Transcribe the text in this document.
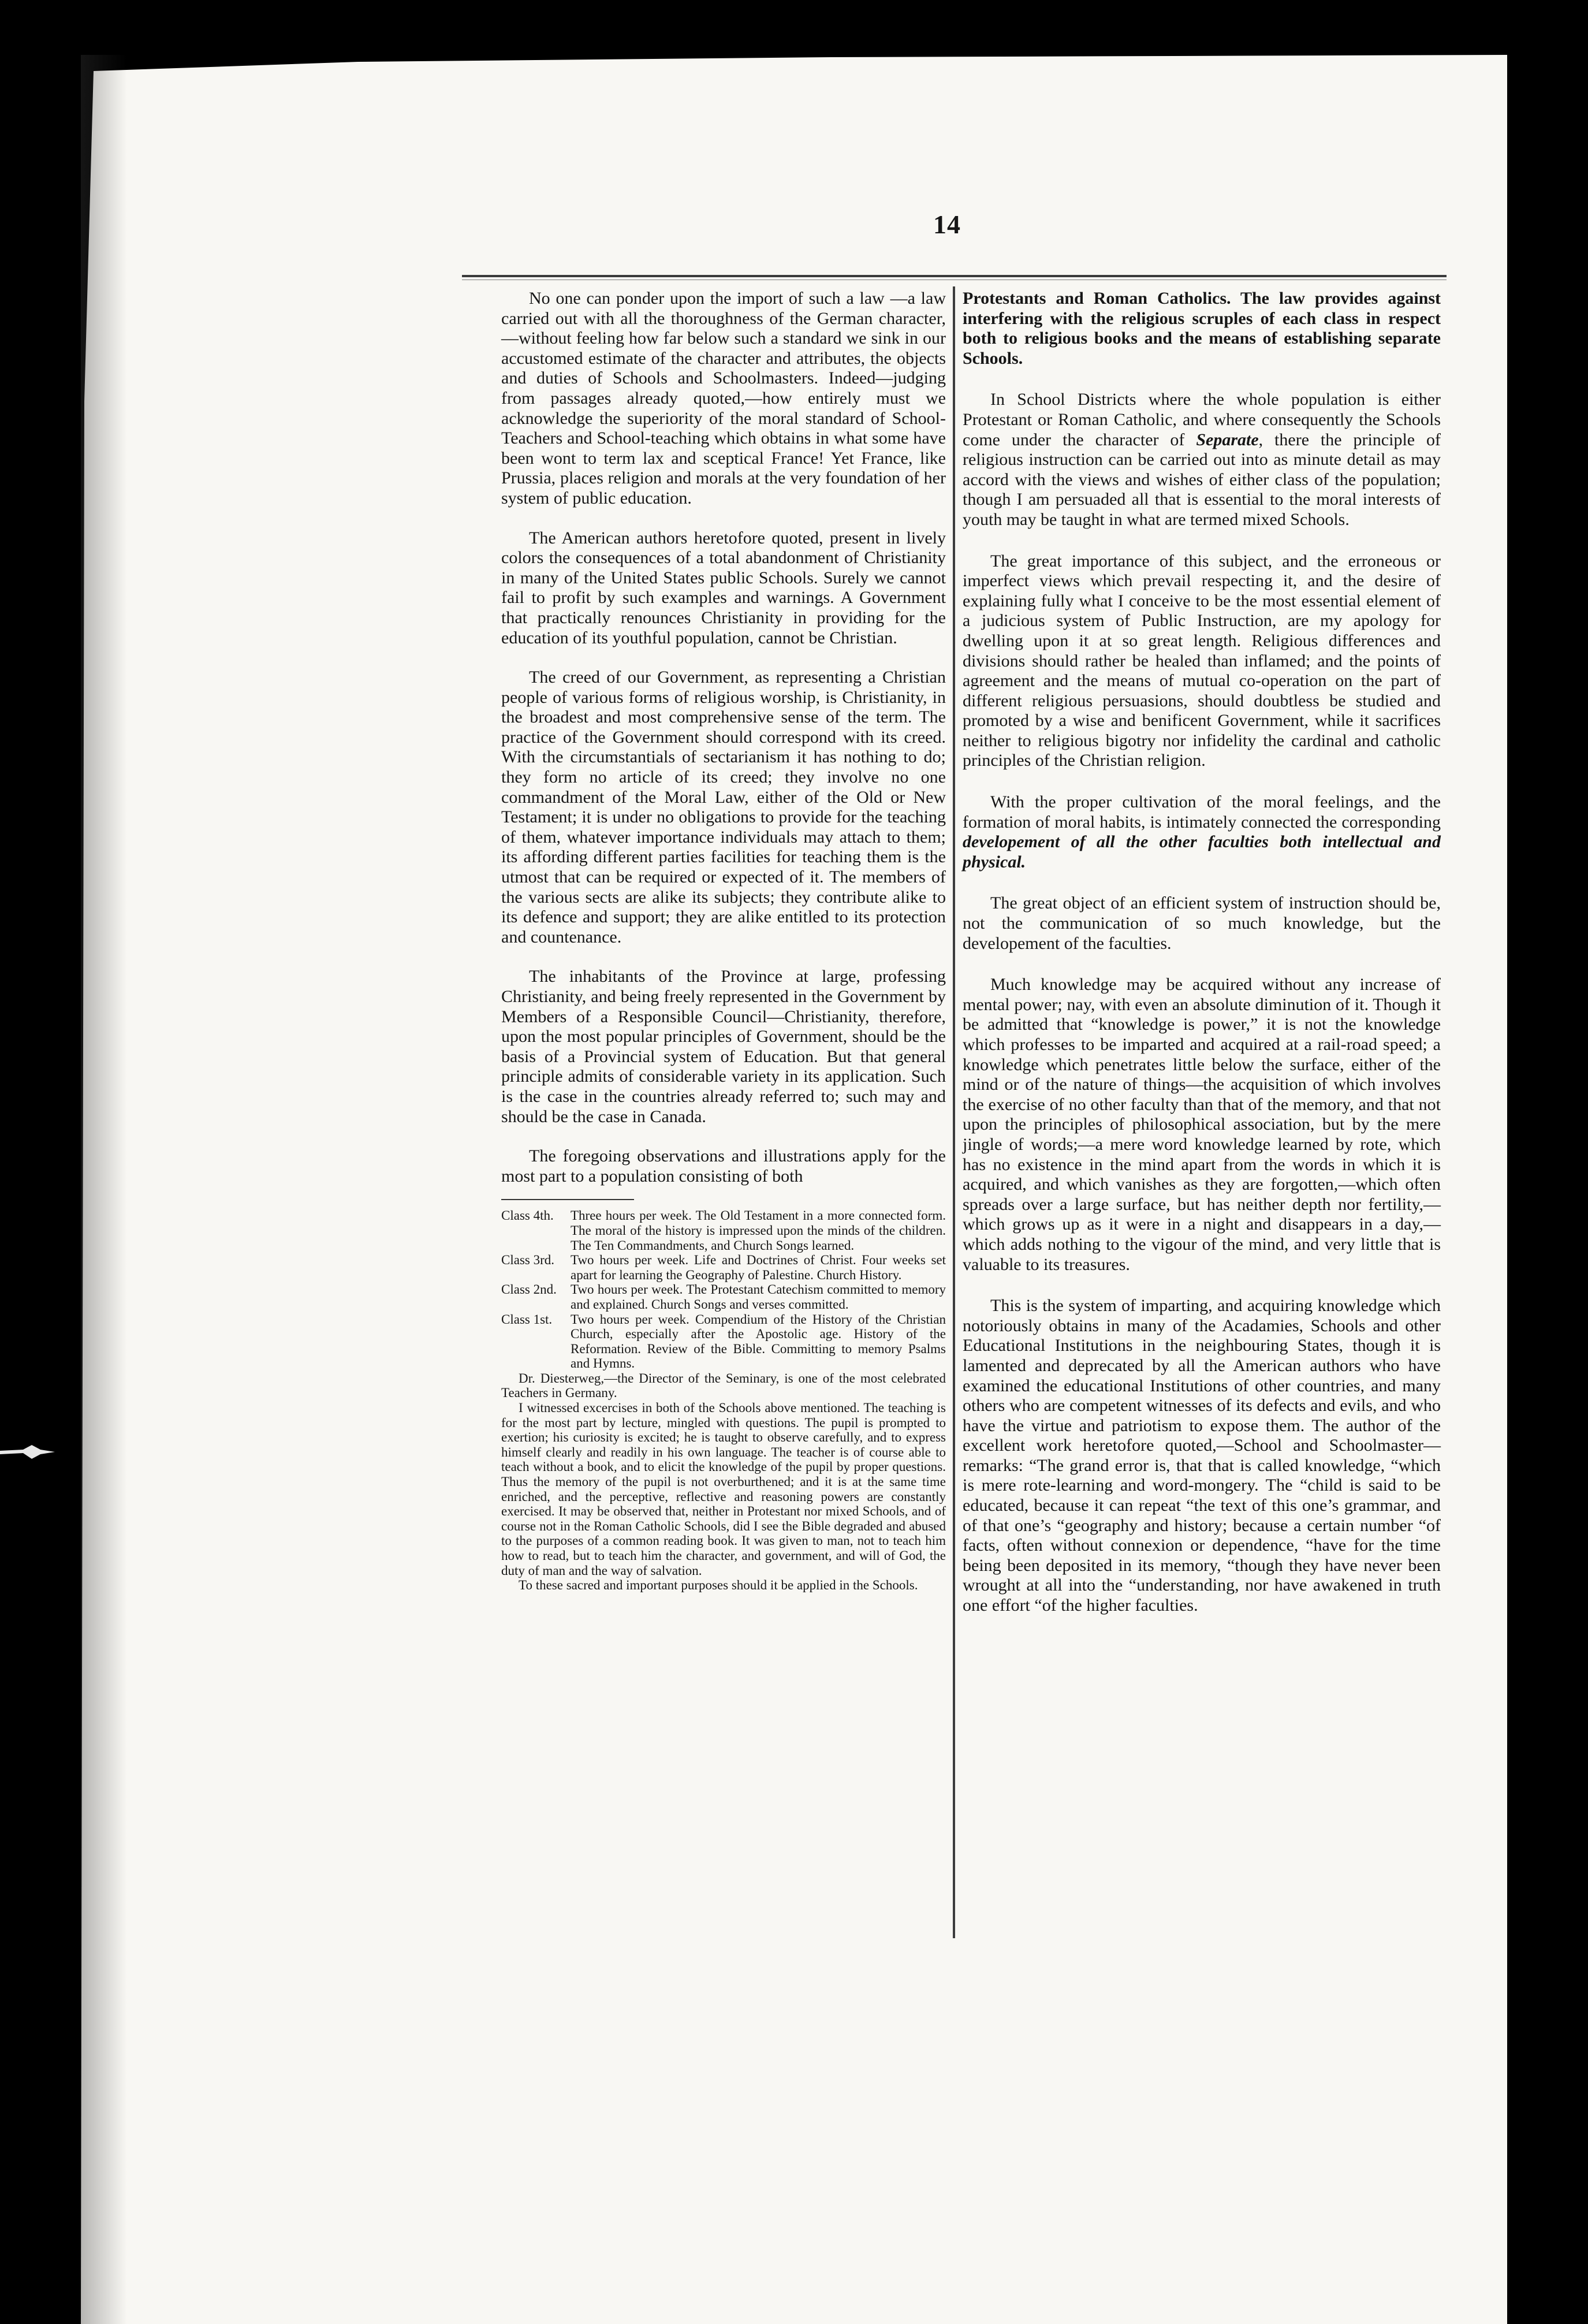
14

No one can ponder upon the import of such a law —a law carried out with all the thoroughness of the German character,—without feeling how far below such a standard we sink in our accustomed estimate of the character and attributes, the objects and duties of Schools and Schoolmasters. Indeed—judging from passages already quoted,—how entirely must we acknowledge the superiority of the moral standard of School-Teachers and School-teaching which obtains in what some have been wont to term lax and sceptical France! Yet France, like Prussia, places religion and morals at the very foundation of her system of public education.

The American authors heretofore quoted, present in lively colors the consequences of a total abandonment of Christianity in many of the United States public Schools. Surely we cannot fail to profit by such examples and warnings. A Government that practically renounces Christianity in providing for the education of its youthful population, cannot be Christian.

The creed of our Government, as representing a Christian people of various forms of religious worship, is Christianity, in the broadest and most comprehensive sense of the term. The practice of the Government should correspond with its creed. With the circumstantials of sectarianism it has nothing to do; they form no article of its creed; they involve no one commandment of the Moral Law, either of the Old or New Testament; it is under no obligations to provide for the teaching of them, whatever importance individuals may attach to them; its affording different parties facilities for teaching them is the utmost that can be required or expected of it. The members of the various sects are alike its subjects; they contribute alike to its defence and support; they are alike entitled to its protection and countenance.

The inhabitants of the Province at large, professing Christianity, and being freely represented in the Government by Members of a Responsible Council—Christianity, therefore, upon the most popular principles of Government, should be the basis of a Provincial system of Education. But that general principle admits of considerable variety in its application. Such is the case in the countries already referred to; such may and should be the case in Canada.

The foregoing observations and illustrations apply for the most part to a population consisting of both

Class 4th.	Three hours per week. The Old Testament in a more connected form. The moral of the history is impressed upon the minds of the children. The Ten Commandments, and Church Songs learned.
Class 3rd.	Two hours per week. Life and Doctrines of Christ. Four weeks set apart for learning the Geography of Palestine. Church History.
Class 2nd.	Two hours per week. The Protestant Catechism committed to memory and explained. Church Songs and verses committed.
Class 1st.	Two hours per week. Compendium of the History of the Christian Church, especially after the Apostolic age. History of the Reformation. Review of the Bible. Committing to memory Psalms and Hymns.

Dr. Diesterweg,—the Director of the Seminary, is one of the most celebrated Teachers in Germany.

I witnessed excercises in both of the Schools above mentioned. The teaching is for the most part by lecture, mingled with questions. The pupil is prompted to exertion; his curiosity is excited; he is taught to observe carefully, and to express himself clearly and readily in his own language. The teacher is of course able to teach without a book, and to elicit the knowledge of the pupil by proper questions. Thus the memory of the pupil is not overburthened; and it is at the same time enriched, and the perceptive, reflective and reasoning powers are constantly exercised. It may be observed that, neither in Protestant nor mixed Schools, and of course not in the Roman Catholic Schools, did I see the Bible degraded and abused to the purposes of a common reading book. It was given to man, not to teach him how to read, but to teach him the character, and government, and will of God, the duty of man and the way of salvation.

To these sacred and important purposes should it be applied in the Schools.

Protestants and Roman Catholics. The law provides against interfering with the religious scruples of each class in respect both to religious books and the means of establishing separate Schools.

In School Districts where the whole population is either Protestant or Roman Catholic, and where consequently the Schools come under the character of Separate, there the principle of religious instruction can be carried out into as minute detail as may accord with the views and wishes of either class of the population; though I am persuaded all that is essential to the moral interests of youth may be taught in what are termed mixed Schools.

The great importance of this subject, and the erroneous or imperfect views which prevail respecting it, and the desire of explaining fully what I conceive to be the most essential element of a judicious system of Public Instruction, are my apology for dwelling upon it at so great length. Religious differences and divisions should rather be healed than inflamed; and the points of agreement and the means of mutual co-operation on the part of different religious persuasions, should doubtless be studied and promoted by a wise and benificent Government, while it sacrifices neither to religious bigotry nor infidelity the cardinal and catholic principles of the Christian religion.

With the proper cultivation of the moral feelings, and the formation of moral habits, is intimately connected the corresponding developement of all the other faculties both intellectual and physical.

The great object of an efficient system of instruction should be, not the communication of so much knowledge, but the developement of the faculties.

Much knowledge may be acquired without any increase of mental power; nay, with even an absolute diminution of it. Though it be admitted that “knowledge is power,” it is not the knowledge which professes to be imparted and acquired at a rail-road speed; a knowledge which penetrates little below the surface, either of the mind or of the nature of things—the acquisition of which involves the exercise of no other faculty than that of the memory, and that not upon the principles of philosophical association, but by the mere jingle of words;—a mere word knowledge learned by rote, which has no existence in the mind apart from the words in which it is acquired, and which vanishes as they are forgotten,—which often spreads over a large surface, but has neither depth nor fertility,—which grows up as it were in a night and disappears in a day,—which adds nothing to the vigour of the mind, and very little that is valuable to its treasures.

This is the system of imparting, and acquiring knowledge which notoriously obtains in many of the Acadamies, Schools and other Educational Institutions in the neighbouring States, though it is lamented and deprecated by all the American authors who have examined the educational Institutions of other countries, and many others who are competent witnesses of its defects and evils, and who have the virtue and patriotism to expose them. The author of the excellent work heretofore quoted,—School and Schoolmaster—remarks: “The grand error is, that that is called knowledge, “which is mere rote-learning and word-mongery. The “child is said to be educated, because it can repeat “the text of this one’s grammar, and of that one’s “geography and history; because a certain number “of facts, often without connexion or dependence, “have for the time being been deposited in its memory, “though they have never been wrought at all into the “understanding, nor have awakened in truth one effort “of the higher faculties.
